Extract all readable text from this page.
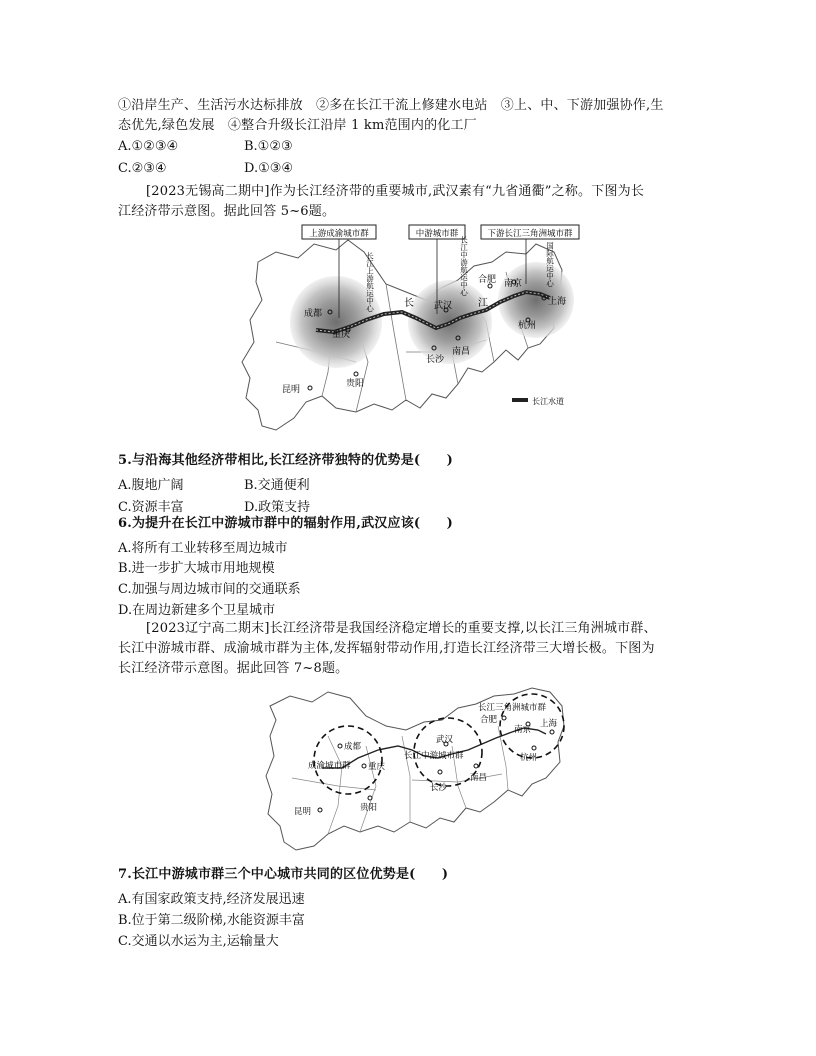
①沿岸生产、生活污水达标排放　②多在长江干流上修建水电站　③上、中、下游加强协作,生
态优先,绿色发展　④整合升级长江沿岸 1 km范围内的化工厂
A.①②③④	B.①②③
C.②③④	D.①③④
[2023无锡高二期中]作为长江经济带的重要城市,武汉素有“九省通衢”之称。下图为长
江经济带示意图。据此回答 5~6题。
上游成渝城市群	中游城市群	下游长江三角洲城市群
长江上游航运中心	长江中游航运中心	国际航运中心
长	江
成都
重庆
武汉
合肥 南京
上海
杭州
长沙
南昌
贵阳
昆明
长江水道
5.与沿海其他经济带相比,长江经济带独特的优势是(　　)
A.腹地广阔	B.交通便利
C.资源丰富	D.政策支持
6.为提升在长江中游城市群中的辐射作用,武汉应该(　　)
A.将所有工业转移至周边城市
B.进一步扩大城市用地规模
C.加强与周边城市间的交通联系
D.在周边新建多个卫星城市
[2023辽宁高二期末]长江经济带是我国经济稳定增长的重要支撑,以长江三角洲城市群、
长江中游城市群、成渝城市群为主体,发挥辐射带动作用,打造长江经济带三大增长极。下图为
长江经济带示意图。据此回答 7~8题。
成都
重庆
成渝城市群
武汉
长江中游城市群
长沙
南昌
合肥
长江三角洲城市群
南京
上海
杭州
贵阳
昆明
7.长江中游城市群三个中心城市共同的区位优势是(　　)
A.有国家政策支持,经济发展迅速
B.位于第二级阶梯,水能资源丰富
C.交通以水运为主,运输量大
